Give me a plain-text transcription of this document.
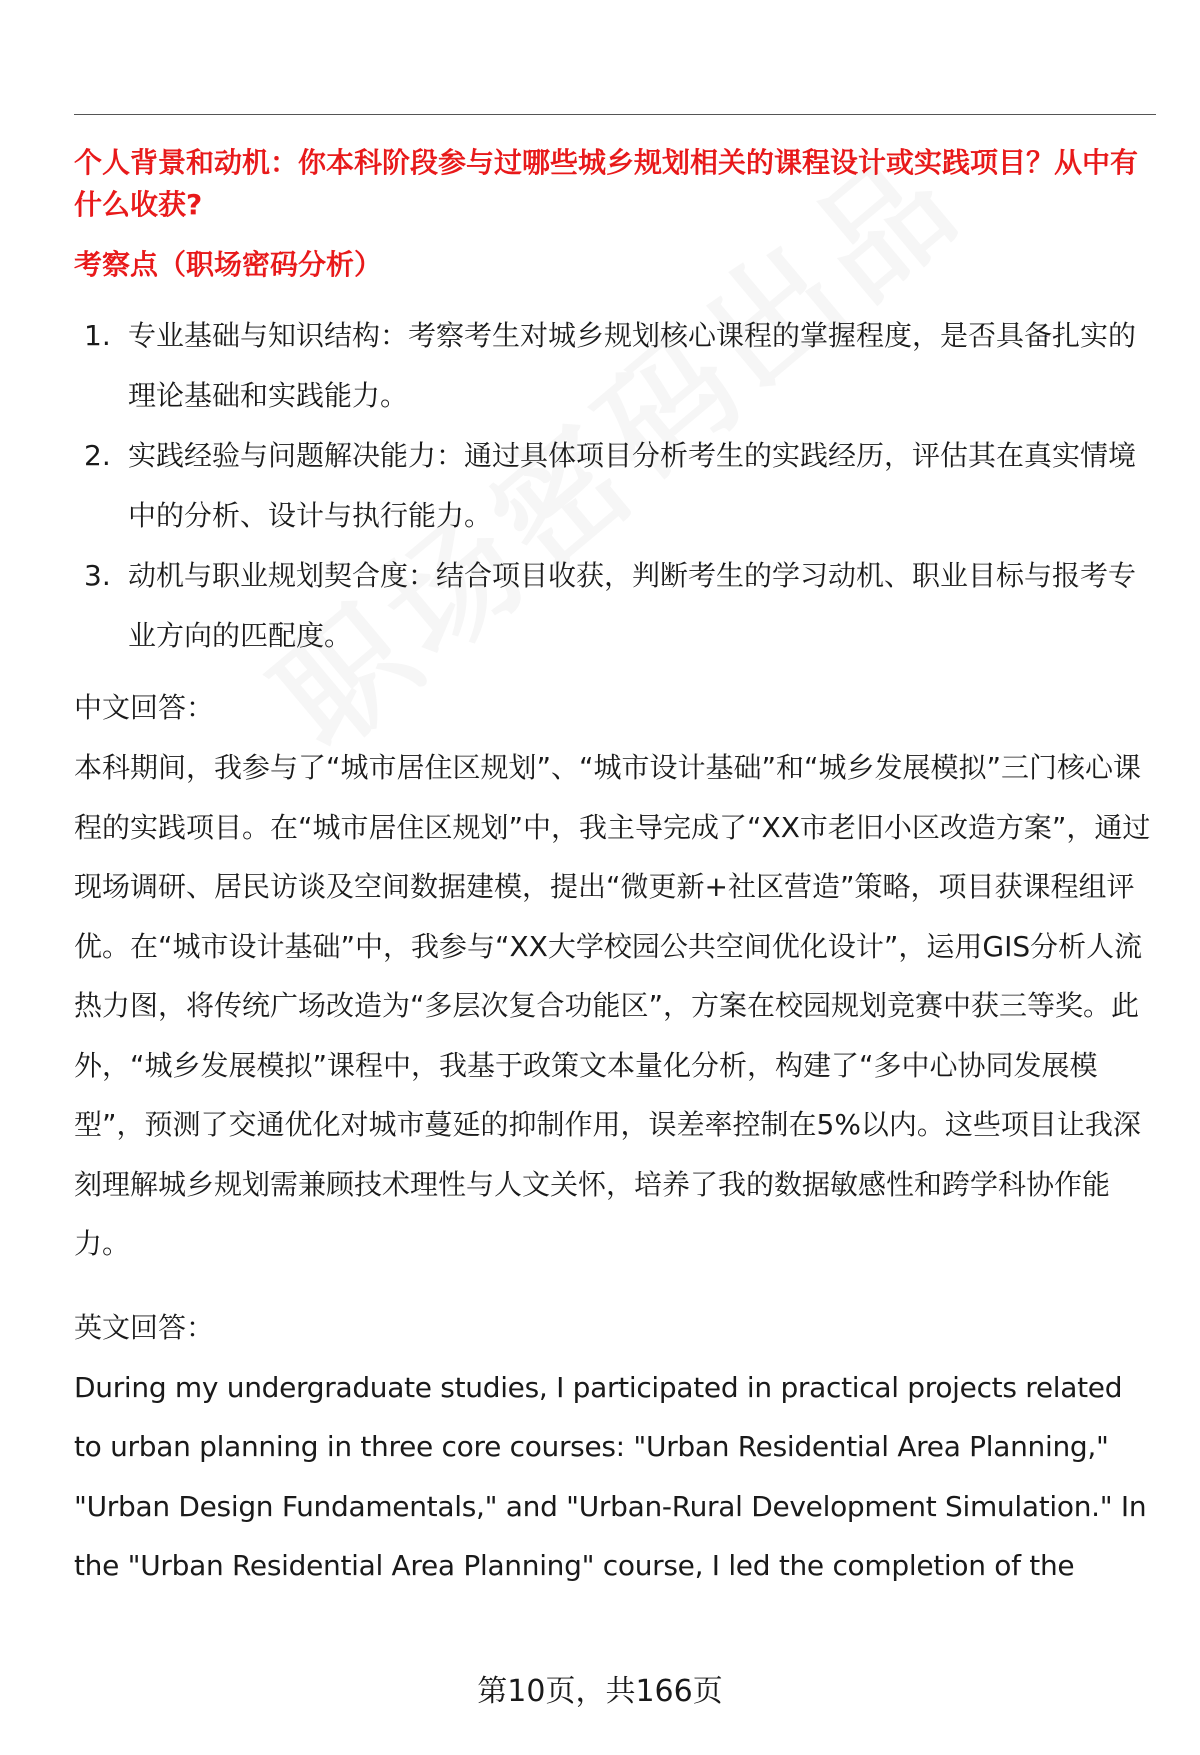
个人背景和动机：你本科阶段参与过哪些城乡规划相关的课程设计或实践项目？从中有什么收获?

考察点（职场密码分析）

1. 专业基础与知识结构：考察考生对城乡规划核心课程的掌握程度，是否具备扎实的理论基础和实践能力。
2. 实践经验与问题解决能力：通过具体项目分析考生的实践经历，评估其在真实情境中的分析、设计与执行能力。
3. 动机与职业规划契合度：结合项目收获，判断考生的学习动机、职业目标与报考专业方向的匹配度。

中文回答：

本科期间，我参与了“城市居住区规划”、“城市设计基础”和“城乡发展模拟”三门核心课程的实践项目。在“城市居住区规划”中，我主导完成了“XX市老旧小区改造方案”，通过现场调研、居民访谈及空间数据建模，提出“微更新+社区营造”策略，项目获课程组评优。在“城市设计基础”中，我参与“XX大学校园公共空间优化设计”，运用GIS分析人流热力图，将传统广场改造为“多层次复合功能区”，方案在校园规划竞赛中获三等奖。此外，“城乡发展模拟”课程中，我基于政策文本量化分析，构建了“多中心协同发展模型”，预测了交通优化对城市蔓延的抑制作用，误差率控制在5%以内。这些项目让我深刻理解城乡规划需兼顾技术理性与人文关怀，培养了我的数据敏感性和跨学科协作能力。

英文回答：

During my undergraduate studies, I participated in practical projects related to urban planning in three core courses: "Urban Residential Area Planning," "Urban Design Fundamentals," and "Urban-Rural Development Simulation." In the "Urban Residential Area Planning" course, I led the completion of the

第10页，共166页
